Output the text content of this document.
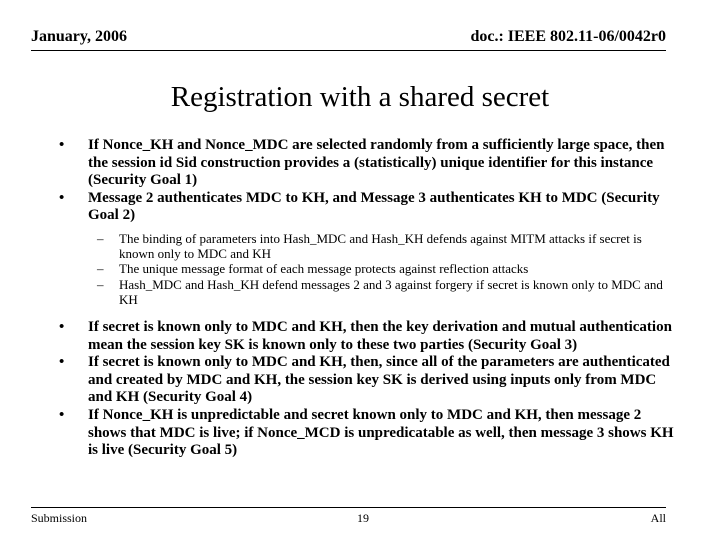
January, 2006	doc.: IEEE 802.11-06/0042r0
Registration with a shared secret
• If Nonce_KH and Nonce_MDC are selected randomly from a sufficiently large space, then the session id Sid construction provides a (statistically) unique identifier for this instance (Security Goal 1)
• Message 2 authenticates MDC to KH, and Message 3 authenticates KH to MDC (Security Goal 2)
– The binding of parameters into Hash_MDC and Hash_KH defends against MITM attacks if secret is known only to MDC and KH
– The unique message format of each message protects against reflection attacks
– Hash_MDC and Hash_KH defend messages 2 and 3 against forgery if secret is known only to MDC and KH
• If secret is known only to MDC and KH, then the key derivation and mutual authentication mean the session key SK is known only to these two parties (Security Goal 3)
• If secret is known only to MDC and KH, then, since all of the parameters are authenticated and created by MDC and KH, the session key SK is derived using inputs only from MDC and KH (Security Goal 4)
• If Nonce_KH is unpredictable and secret known only to MDC and KH, then message 2 shows that MDC is live; if Nonce_MCD is unpredicatable as well, then message 3 shows KH is live (Security Goal 5)
Submission	19	All
